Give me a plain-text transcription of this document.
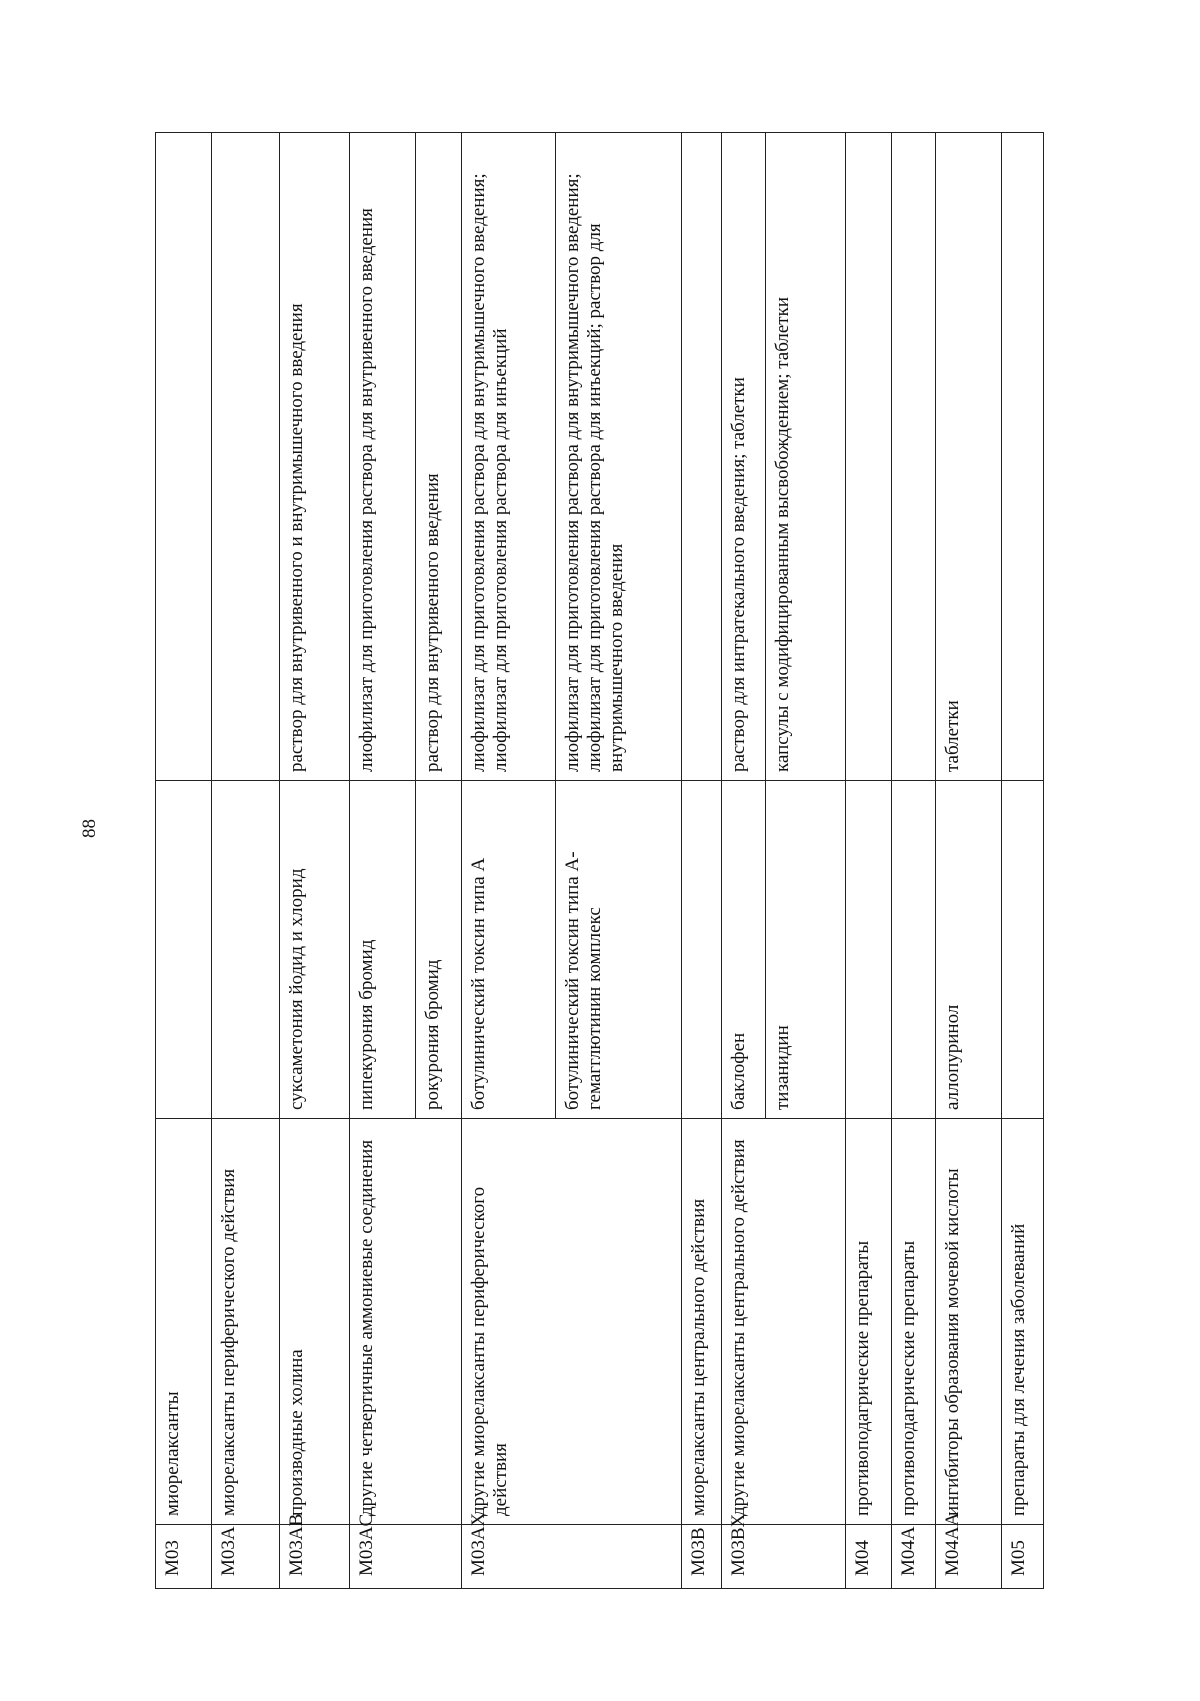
88
M03	миорелаксанты		
M03A	миорелаксанты периферического действия		
M03AB	производные холина	суксаметония йодид и хлорид	раствор для внутривенного и внутримышечного введения
M03AC	другие четвертичные аммониевые соединения	пипекурония бромид	лиофилизат для приготовления раствора для внутривенного введения
		рокурония бромид	раствор для внутривенного введения
M03AX	другие миорелаксанты периферического действия	ботулинический токсин типа А	лиофилизат для приготовления раствора для внутримышечного введения; лиофилизат для приготовления раствора для инъекций
		ботулинический токсин типа А-гемагглютинин комплекс	лиофилизат для приготовления раствора для внутримышечного введения; лиофилизат для приготовления раствора для инъекций; раствор для внутримышечного введения
M03B	миорелаксанты центрального действия		
M03BX	другие миорелаксанты центрального действия	баклофен	раствор для интратекального введения; таблетки
		тизанидин	капсулы с модифицированным высвобождением; таблетки
M04	противоподагрические препараты		
M04A	противоподагрические препараты		
M04AA	ингибиторы образования мочевой кислоты	аллопуринол	таблетки
M05	препараты для лечения заболеваний		
